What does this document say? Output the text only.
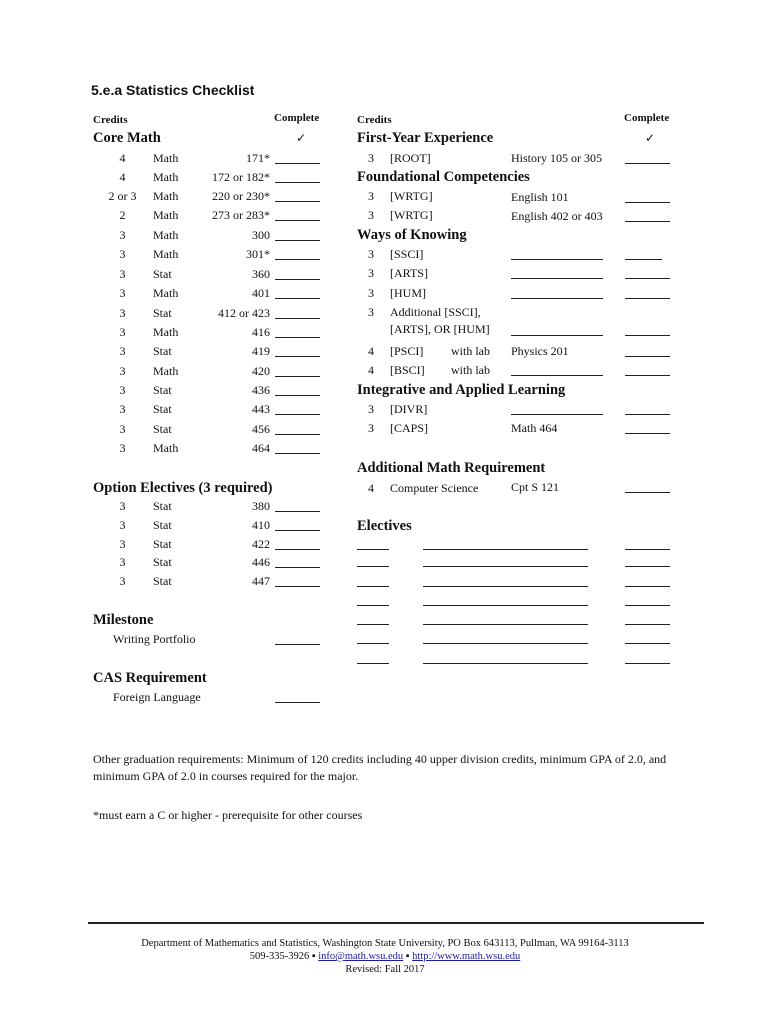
5.e.a Statistics Checklist
Credits	Complete
Core Math	✓
4	Math	171*
4	Math	172 or 182*
2 or 3	Math	220 or 230*
2	Math	273 or 283*
3	Math	300
3	Math	301*
3	Stat	360
3	Math	401
3	Stat	412 or 423
3	Math	416
3	Stat	419
3	Math	420
3	Stat	436
3	Stat	443
3	Stat	456
3	Math	464
Option Electives (3 required)
3	Stat	380
3	Stat	410
3	Stat	422
3	Stat	446
3	Stat	447
Milestone
Writing Portfolio
CAS Requirement
Foreign Language
Credits	Complete
First-Year Experience	✓
3 [ROOT]	History 105 or 305
Foundational Competencies
3 [WRTG]	English 101
3 [WRTG]	English 402 or 403
Ways of Knowing
3 [SSCI]
3 [ARTS]
3 [HUM]
3 Additional [SSCI],
[ARTS], OR [HUM]
4 [PSCI] with lab Physics 201
4 [BSCI] with lab
Integrative and Applied Learning
3 [DIVR]
3 [CAPS]	Math 464
Additional Math Requirement
4 Computer Science	Cpt S 121
Electives
Other graduation requirements: Minimum of 120 credits including 40 upper division credits, minimum GPA of 2.0, and
minimum GPA of 2.0 in courses required for the major.
*must earn a C or higher - prerequisite for other courses
Department of Mathematics and Statistics, Washington State University, PO Box 643113, Pullman, WA 99164-3113
509-335-3926 ▪ info@math.wsu.edu ▪ http://www.math.wsu.edu
Revised: Fall 2017
